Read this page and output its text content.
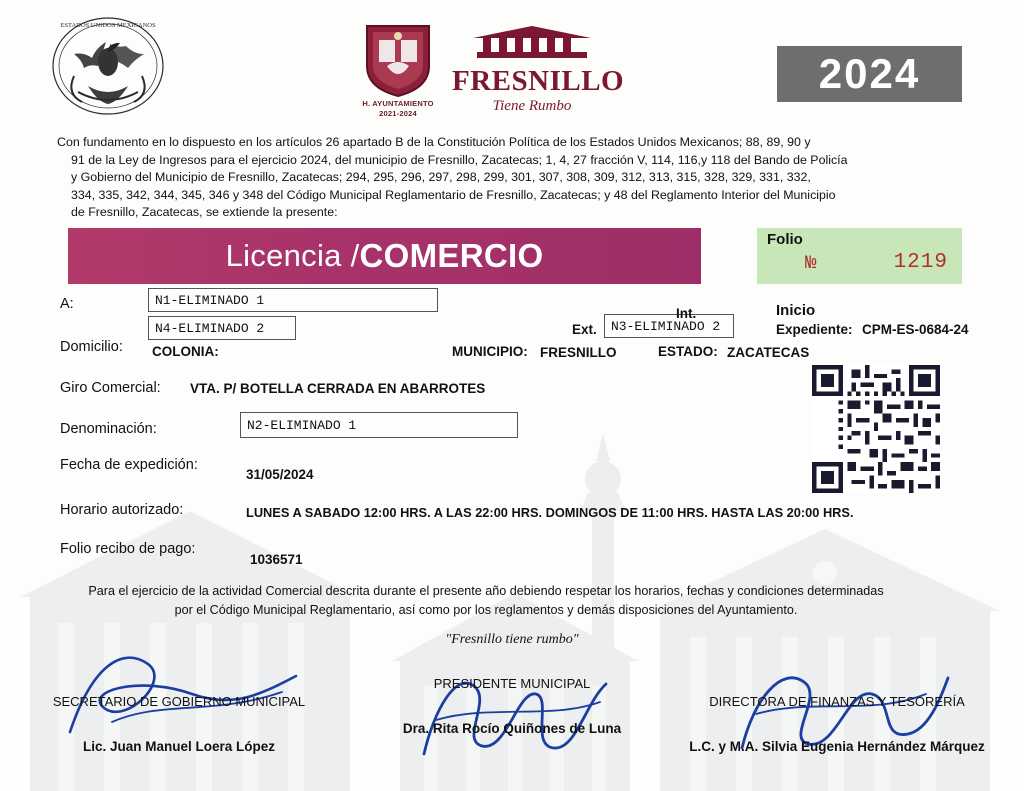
ESTADOS UNIDOS MEXICANOS
H. AYUNTAMIENTO
2021-2024
FRESNILLO
Tiene Rumbo
2024

Con fundamento en lo dispuesto en los artículos 26 apartado B de la Constitución Política de los Estados Unidos Mexicanos; 88, 89, 90 y

91 de la Ley de Ingresos para el ejercicio 2024, del municipio de Fresnillo, Zacatecas; 1, 4, 27 fracción V, 114, 116,y 118 del Bando de Policía

y Gobierno del Municipio de Fresnillo, Zacatecas; 294, 295, 296, 297, 298, 299, 301, 307, 308, 309, 312, 313, 315, 328, 329, 331, 332,

334, 335, 342, 344, 345, 346 y 348 del Código Municipal Reglamentario de Fresnillo, Zacatecas; y 48 del Reglamento Interior del Municipio

de Fresnillo, Zacatecas, se extiende la presente:

Licencia / COMERCIO	Folio
№	1219
A:	N1-ELIMINADO 1
Domicilio:
N4-ELIMINADO 2	Ext.	N3-ELIMINADO 2
Int.
COLONIA:	MUNICIPIO: FRESNILLO	ESTADO: ZACATECAS
Inicio
Expediente: CPM-ES-0684-24
Giro Comercial: VTA. P/ BOTELLA CERRADA EN ABARROTES
Denominación:	N2-ELIMINADO 1
Fecha de expedición:
31/05/2024
Horario autorizado:	LUNES A SABADO 12:00 HRS. A LAS 22:00 HRS. DOMINGOS DE 11:00 HRS. HASTA LAS 20:00 HRS.
Folio recibo de pago:
1036571
Para el ejercicio de la actividad Comercial descrita durante el presente año debiendo respetar los horarios, fechas y condiciones determinadas
por el Código Municipal Reglamentario, así como por los reglamentos y demás disposiciones del Ayuntamiento.
"Fresnillo tiene rumbo"
SECRETARIO DE GOBIERNO MUNICIPAL
Lic. Juan Manuel Loera López
PRESIDENTE MUNICIPAL
Dra. Rita Rocío Quiñones de Luna
DIRECTORA DE FINANZAS Y TESORERÍA
L.C. y M.A. Silvia Eugenia Hernández Márquez
